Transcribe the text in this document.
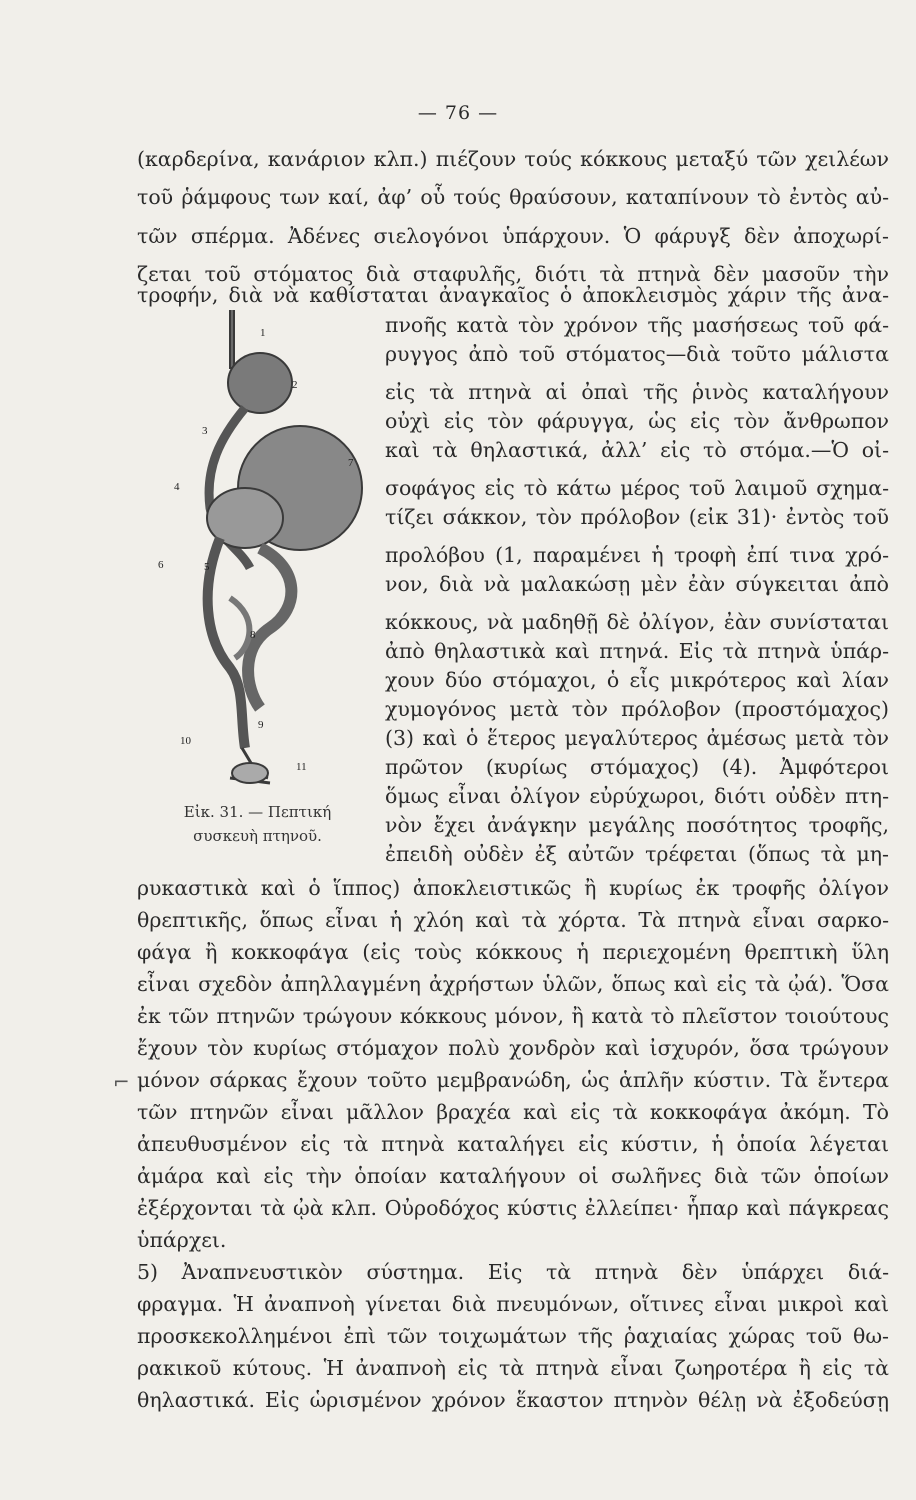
— 76 —
(καρδερίνα, κανάριον κλπ.) πιέζουν τούς κόκκους μεταξύ τῶν χειλέων
τοῦ ῥάμφους των καί, ἀφ’ οὗ τούς θραύσουν, καταπίνουν τὸ ἐντὸς αὐ-
τῶν σπέρμα. Ἀδένες σιελογόνοι ὑπάρχουν. Ὁ φάρυγξ δὲν ἀποχωρί-
ζεται τοῦ στόματος διὰ σταφυλῆς, διότι τὰ πτηνὰ δὲν μασοῦν τὴν
τροφήν, διὰ νὰ καθίσταται ἀναγκαῖος ὁ ἀποκλεισμὸς χάριν τῆς ἀνα-
1
2
7
3
4
6	5
8
9
10
11
Εἰκ. 31. — Πεπτική
συσκευὴ πτηνοῦ.
πνοῆς κατὰ τὸν χρόνον τῆς μασήσεως τοῦ φά-
ρυγγος ἀπὸ τοῦ στόματος—διὰ τοῦτο μάλιστα
εἰς τὰ πτηνὰ αἱ ὀπαὶ τῆς ῥινὸς καταλήγουν
οὐχὶ εἰς τὸν φάρυγγα, ὡς εἰς τὸν ἄνθρωπον
καὶ τὰ θηλαστικά, ἀλλ’ εἰς τὸ στόμα.—Ὁ οἰ-
σοφάγος εἰς τὸ κάτω μέρος τοῦ λαιμοῦ σχημα-
τίζει σάκκον, τὸν πρόλοβον (εἰκ 31)· ἐντὸς τοῦ
προλόβου (1, παραμένει ἡ τροφὴ ἐπί τινα χρό-
νον, διὰ νὰ μαλακώσῃ μὲν ἐὰν σύγκειται ἀπὸ
κόκκους, νὰ μαδηθῇ δὲ ὀλίγον, ἐὰν συνίσταται
ἀπὸ θηλαστικὰ καὶ πτηνά. Εἰς τὰ πτηνὰ ὑπάρ-
χουν δύο στόμαχοι, ὁ εἷς μικρότερος καὶ λίαν
χυμογόνος μετὰ τὸν πρόλοβον (προστόμαχος)
(3) καὶ ὁ ἕτερος μεγαλύτερος ἀμέσως μετὰ τὸν
πρῶτον (κυρίως στόμαχος) (4). Ἀμφότεροι
ὅμως εἶναι ὀλίγον εὐρύχωροι, διότι οὐδὲν πτη-
νὸν ἔχει ἀνάγκην μεγάλης ποσότητος τροφῆς,
ἐπειδὴ οὐδὲν ἐξ αὐτῶν τρέφεται (ὅπως τὰ μη-
ρυκαστικὰ καὶ ὁ ἵππος) ἀποκλειστικῶς ἢ κυρίως ἐκ τροφῆς ὀλίγον
θρεπτικῆς, ὅπως εἶναι ἡ χλόη καὶ τὰ χόρτα. Τὰ πτηνὰ εἶναι σαρκο-
φάγα ἢ κοκκοφάγα (εἰς τοὺς κόκκους ἡ περιεχομένη θρεπτικὴ ὕλη
εἶναι σχεδὸν ἀπηλλαγμένη ἀχρήστων ὑλῶν, ὅπως καὶ εἰς τὰ ᾠά). Ὅσα
ἐκ τῶν πτηνῶν τρώγουν κόκκους μόνον, ἢ κατὰ τὸ πλεῖστον τοιούτους
ἔχουν τὸν κυρίως στόμαχον πολὺ χονδρὸν καὶ ἰσχυρόν, ὅσα τρώγουν
μόνον σάρκας ἔχουν τοῦτο μεμβρανώδη, ὡς ἁπλῆν κύστιν. Τὰ ἔντερα
τῶν πτηνῶν εἶναι μᾶλλον βραχέα καὶ εἰς τὰ κοκκοφάγα ἀκόμη. Τὸ
ἀπευθυσμένον εἰς τὰ πτηνὰ καταλήγει εἰς κύστιν, ἡ ὁποία λέγεται
ἀμάρα καὶ εἰς τὴν ὁποίαν καταλήγουν οἱ σωλῆνες διὰ τῶν ὁποίων
ἐξέρχονται τὰ ᾠὰ κλπ. Οὐροδόχος κύστις ἐλλείπει· ἧπαρ καὶ πάγκρεας
ὑπάρχει.
5) Ἀναπνευστικὸν σύστημα. Εἰς τὰ πτηνὰ δὲν ὑπάρχει διά-
φραγμα. Ἡ ἀναπνοὴ γίνεται διὰ πνευμόνων, οἵτινες εἶναι μικροὶ καὶ
προσκεκολλημένοι ἐπὶ τῶν τοιχωμάτων τῆς ῥαχιαίας χώρας τοῦ θω-
ρακικοῦ κύτους. Ἡ ἀναπνοὴ εἰς τὰ πτηνὰ εἶναι ζωηροτέρα ἢ εἰς τὰ
θηλαστικά. Εἰς ὡρισμένον χρόνον ἕκαστον πτηνὸν θέλῃ νὰ ἐξοδεύσῃ
⌐
